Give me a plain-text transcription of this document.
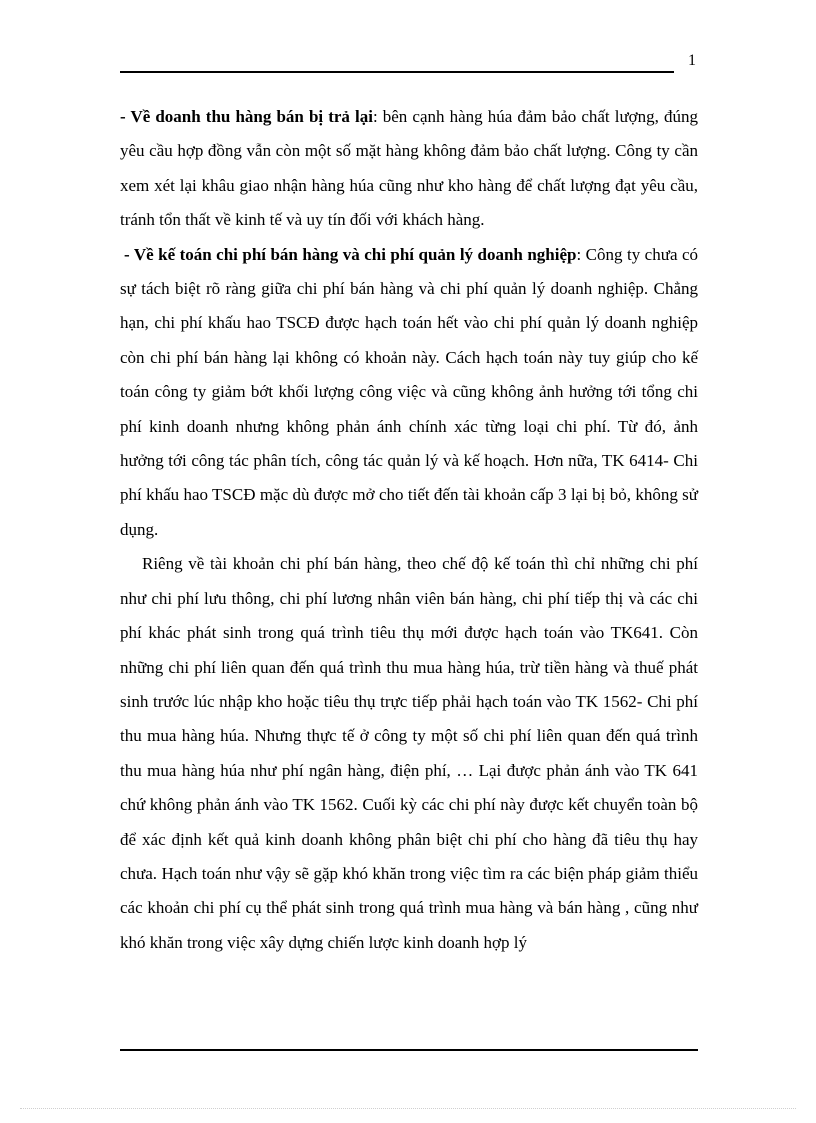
1

- Về doanh thu hàng bán bị trả lại: bên cạnh hàng húa đảm bảo chất lượng, đúng yêu cầu hợp đồng vẫn còn một số mặt hàng không đảm bảo chất lượng. Công ty cần xem xét lại khâu giao nhận hàng húa cũng như kho hàng để chất lượng đạt yêu cầu, tránh tổn thất về kinh tế và uy tín đối với khách hàng.

- Về kế toán chi phí bán hàng và chi phí quản lý doanh nghiệp: Công ty chưa có sự tách biệt rõ ràng giữa chi phí bán hàng và chi phí quản lý doanh nghiệp. Chẳng hạn, chi phí khấu hao TSCĐ được hạch toán hết vào chi phí quản lý doanh nghiệp còn chi phí bán hàng lại không có khoản này. Cách hạch toán này tuy giúp cho kế toán công ty giảm bớt khối lượng công việc và cũng không ảnh hưởng tới tổng chi phí kinh doanh nhưng không phản ánh chính xác từng loại chi phí. Từ đó, ảnh hưởng tới công tác phân tích, công tác quản lý và kế hoạch. Hơn nữa, TK 6414- Chi phí khấu hao TSCĐ mặc dù được mở cho tiết đến tài khoản cấp 3 lại bị bỏ, không sử dụng.

Riêng về tài khoản chi phí bán hàng, theo chế độ kế toán thì chỉ những chi phí như chi phí lưu thông, chi phí lương nhân viên bán hàng, chi phí tiếp thị và các chi phí khác phát sinh trong quá trình tiêu thụ mới được hạch toán vào TK641. Còn những chi phí liên quan đến quá trình thu mua hàng húa, trừ tiền hàng và thuế phát sinh trước lúc nhập kho hoặc tiêu thụ trực tiếp phải hạch toán vào TK 1562- Chi phí thu mua hàng húa. Nhưng thực tế ở công ty một số chi phí liên quan đến quá trình thu mua hàng húa như phí ngân hàng, điện phí, … Lại được phản ánh vào TK 641 chứ không phản ánh vào TK 1562. Cuối kỳ các chi phí này được kết chuyển toàn bộ để xác định kết quả kinh doanh không phân biệt chi phí cho hàng đã tiêu thụ hay chưa. Hạch toán như vậy sẽ gặp khó khăn trong việc tìm ra các biện pháp giảm thiểu các khoản chi phí cụ thể phát sinh trong quá trình mua hàng và bán hàng , cũng như khó khăn trong việc xây dựng chiến lược kinh doanh hợp lý
